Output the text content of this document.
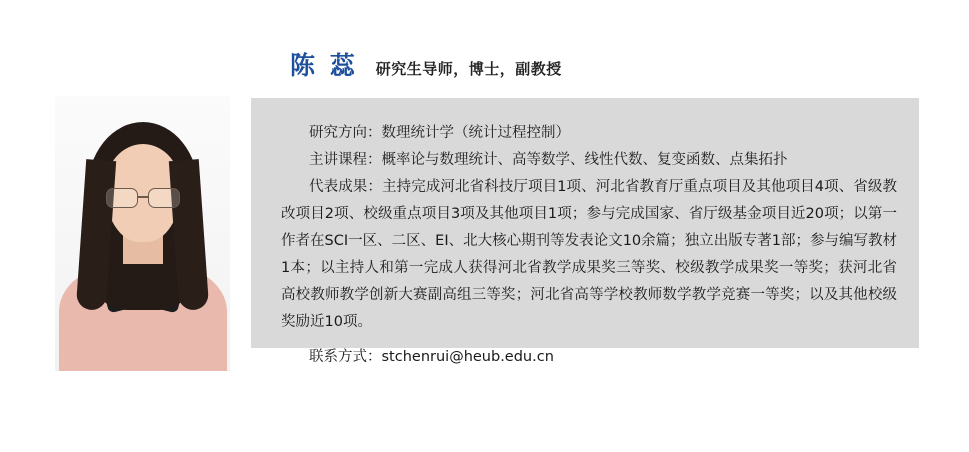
陈 蕊 研究生导师，博士，副教授
研究方向：数理统计学（统计过程控制）
主讲课程：概率论与数理统计、高等数学、线性代数、复变函数、点集拓扑
代表成果：主持完成河北省科技厅项目1项、河北省教育厅重点项目及其他项目4项、省级教改项目2项、校级重点项目3项及其他项目1项；参与完成国家、省厅级基金项目近20项；以第一作者在SCI一区、二区、EI、北大核心期刊等发表论文10余篇；独立出版专著1部；参与编写教材1本；以主持人和第一完成人获得河北省教学成果奖三等奖、校级教学成果奖一等奖；获河北省高校教师教学创新大赛副高组三等奖；河北省高等学校教师数学教学竞赛一等奖；以及其他校级奖励近10项。
联系方式：stchenrui@heub.edu.cn
